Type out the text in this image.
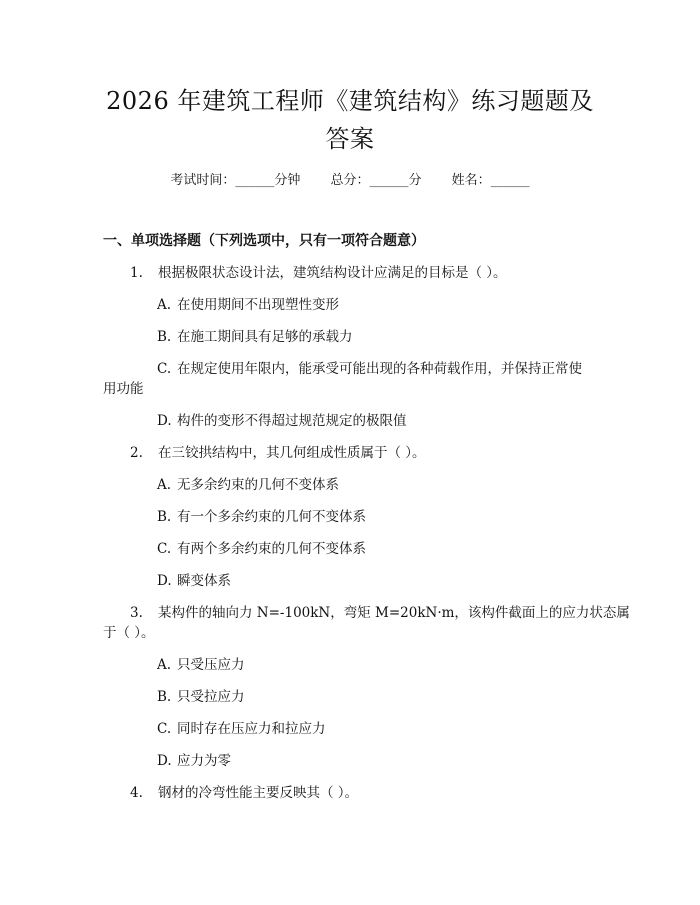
2026 年建筑工程师《建筑结构》练习题题及
答案
考试时间：______分钟 总分：______分 姓名：______
一、单项选择题（下列选项中，只有一项符合题意）
1. 根据极限状态设计法，建筑结构设计应满足的目标是（ ）。
A. 在使用期间不出现塑性变形
B. 在施工期间具有足够的承载力
C. 在规定使用年限内，能承受可能出现的各种荷载作用，并保持正常使
用功能
D. 构件的变形不得超过规范规定的极限值
2. 在三铰拱结构中，其几何组成性质属于（ ）。
A. 无多余约束的几何不变体系
B. 有一个多余约束的几何不变体系
C. 有两个多余约束的几何不变体系
D. 瞬变体系
3. 某构件的轴向力 N=-100kN，弯矩 M=20kN·m，该构件截面上的应力状态属
于（ ）。
A. 只受压应力
B. 只受拉应力
C. 同时存在压应力和拉应力
D. 应力为零
4. 钢材的冷弯性能主要反映其（ ）。
